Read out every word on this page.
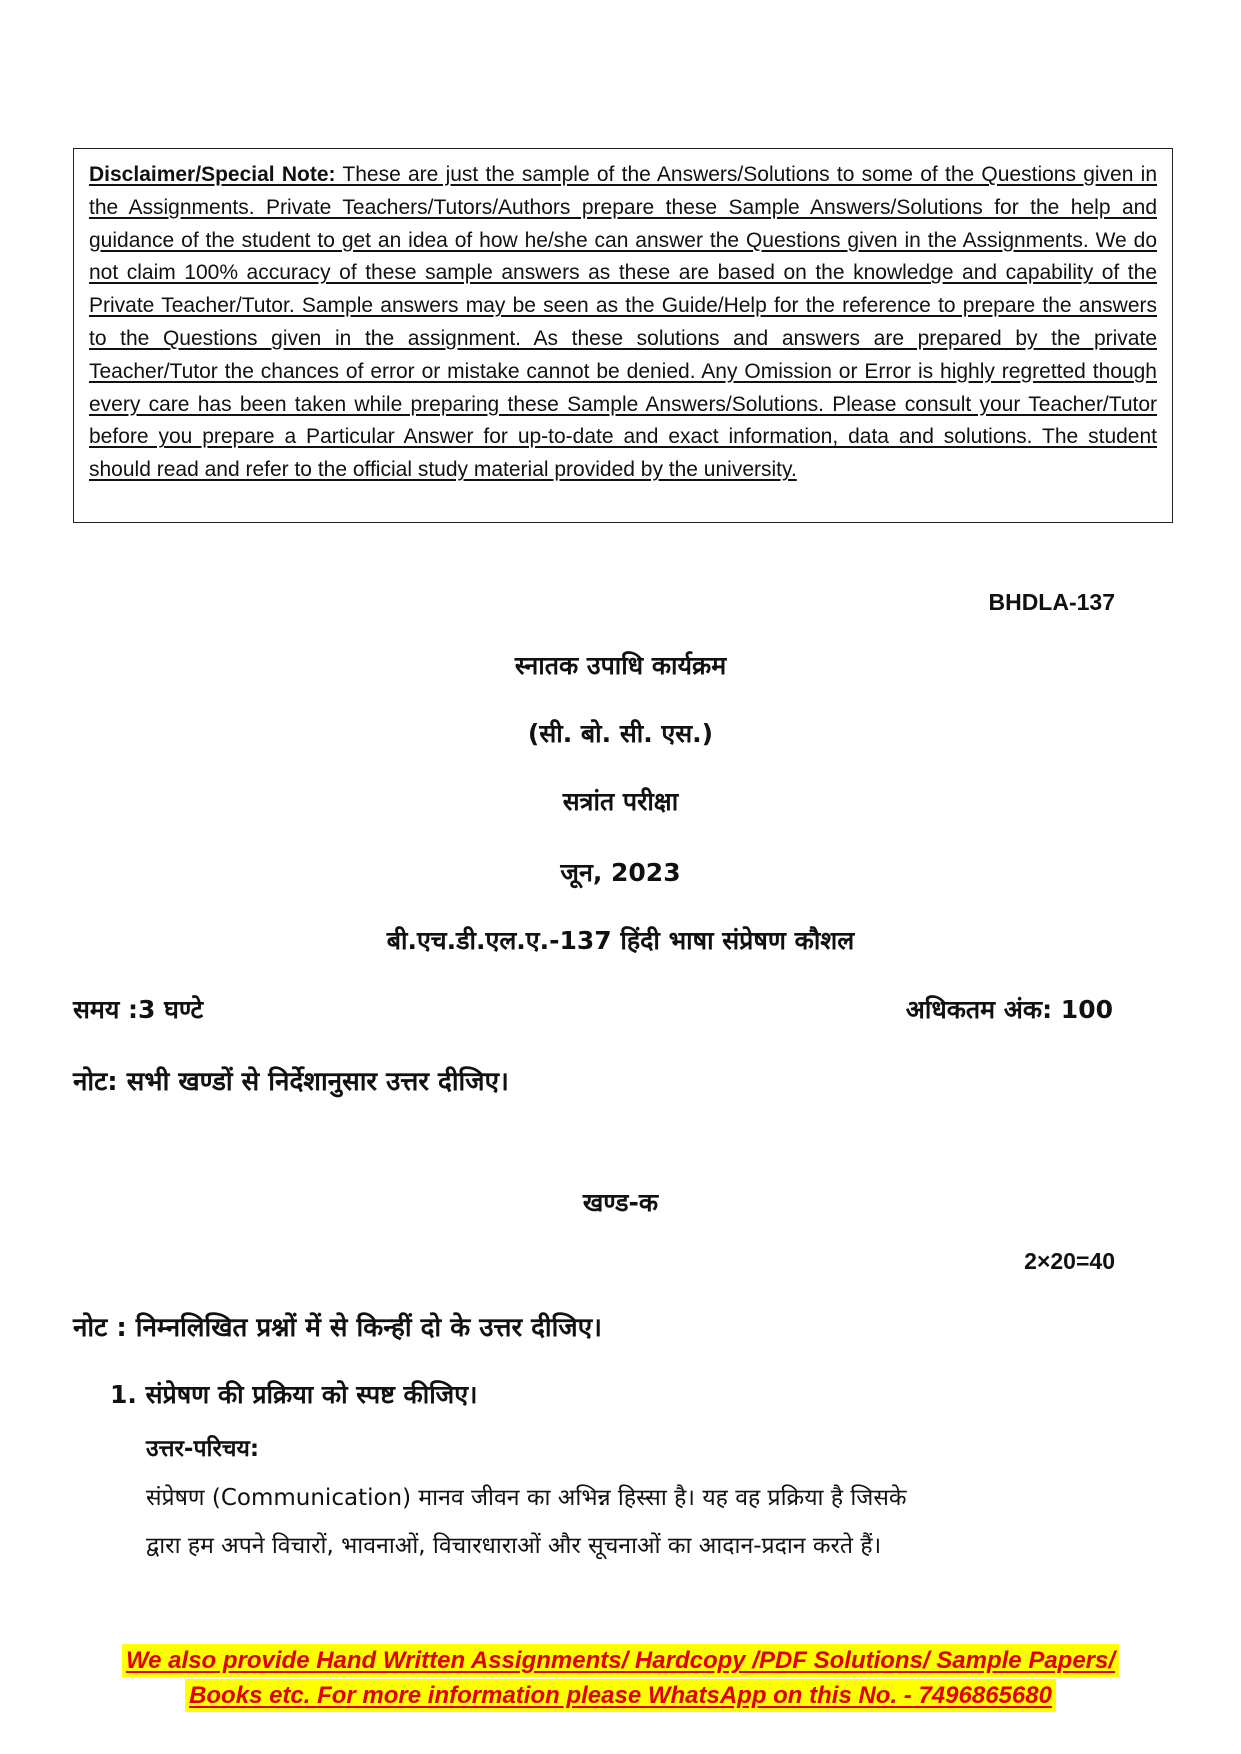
Disclaimer/Special Note: These are just the sample of the Answers/Solutions to some of the Questions given in the Assignments. Private Teachers/Tutors/Authors prepare these Sample Answers/Solutions for the help and guidance of the student to get an idea of how he/she can answer the Questions given in the Assignments. We do not claim 100% accuracy of these sample answers as these are based on the knowledge and capability of the Private Teacher/Tutor. Sample answers may be seen as the Guide/Help for the reference to prepare the answers to the Questions given in the assignment. As these solutions and answers are prepared by the private Teacher/Tutor the chances of error or mistake cannot be denied. Any Omission or Error is highly regretted though every care has been taken while preparing these Sample Answers/Solutions. Please consult your Teacher/Tutor before you prepare a Particular Answer for up-to-date and exact information, data and solutions. The student should read and refer to the official study material provided by the university.

BHDLA-137

स्नातक उपाधि कार्यक्रम

(सी. बो. सी. एस.)

सत्रांत परीक्षा

जून, 2023

बी.एच.डी.एल.ए.-137 हिंदी भाषा संप्रेषण कौशल

समय :3 घण्टे	अधिकतम अंक: 100

नोट: सभी खण्डों से निर्देशानुसार उत्तर दीजिए।

खण्ड-क

2×20=40

नोट : निम्नलिखित प्रश्नों में से किन्हीं दो के उत्तर दीजिए।

1. संप्रेषण की प्रक्रिया को स्पष्ट कीजिए।

उत्तर-परिचय:

संप्रेषण (Communication) मानव जीवन का अभिन्न हिस्सा है। यह वह प्रक्रिया है जिसके

द्वारा हम अपने विचारों, भावनाओं, विचारधाराओं और सूचनाओं का आदान-प्रदान करते हैं।

We also provide Hand Written Assignments/ Hardcopy /PDF Solutions/ Sample Papers/
Books etc. For more information please WhatsApp on this No. - 7496865680
